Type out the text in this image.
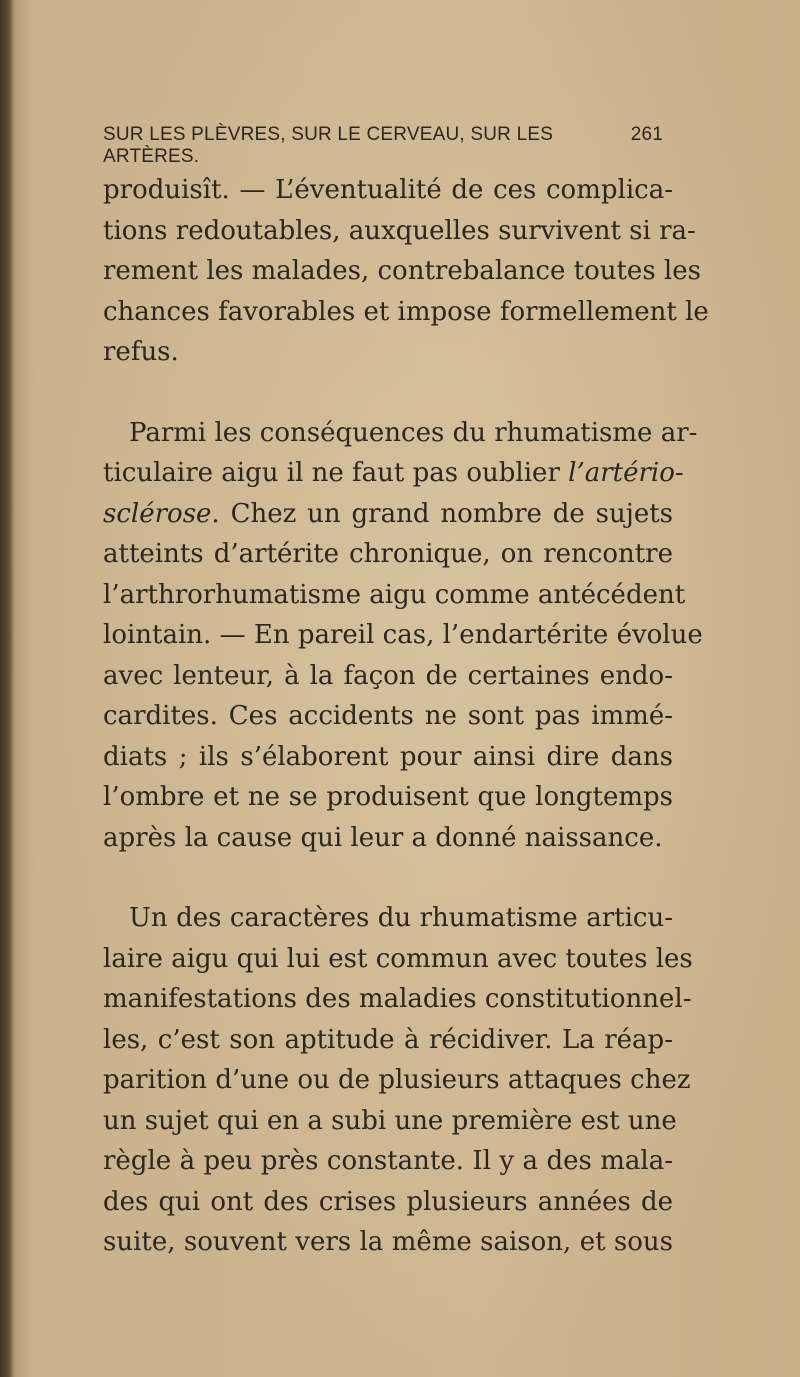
SUR LES PLÈVRES, SUR LE CERVEAU, SUR LES ARTÈRES.
261
produisît. — L’éventualité de ces complica-
tions redoutables, auxquelles survivent si ra-
rement les malades, contrebalance toutes les
chances favorables et impose formellement le
refus.
Parmi les conséquences du rhumatisme ar-
ticulaire aigu il ne faut pas oublier l’artério-
sclérose. Chez un grand nombre de sujets
atteints d’artérite chronique, on rencontre
l’arthrorhumatisme aigu comme antécédent
lointain. — En pareil cas, l’endartérite évolue
avec lenteur, à la façon de certaines endo-
cardites. Ces accidents ne sont pas immé-
diats ; ils s’élaborent pour ainsi dire dans
l’ombre et ne se produisent que longtemps
après la cause qui leur a donné naissance.
Un des caractères du rhumatisme articu-
laire aigu qui lui est commun avec toutes les
manifestations des maladies constitutionnel-
les, c’est son aptitude à récidiver. La réap-
parition d’une ou de plusieurs attaques chez
un sujet qui en a subi une première est une
règle à peu près constante. Il y a des mala-
des qui ont des crises plusieurs années de
suite, souvent vers la même saison, et sous
